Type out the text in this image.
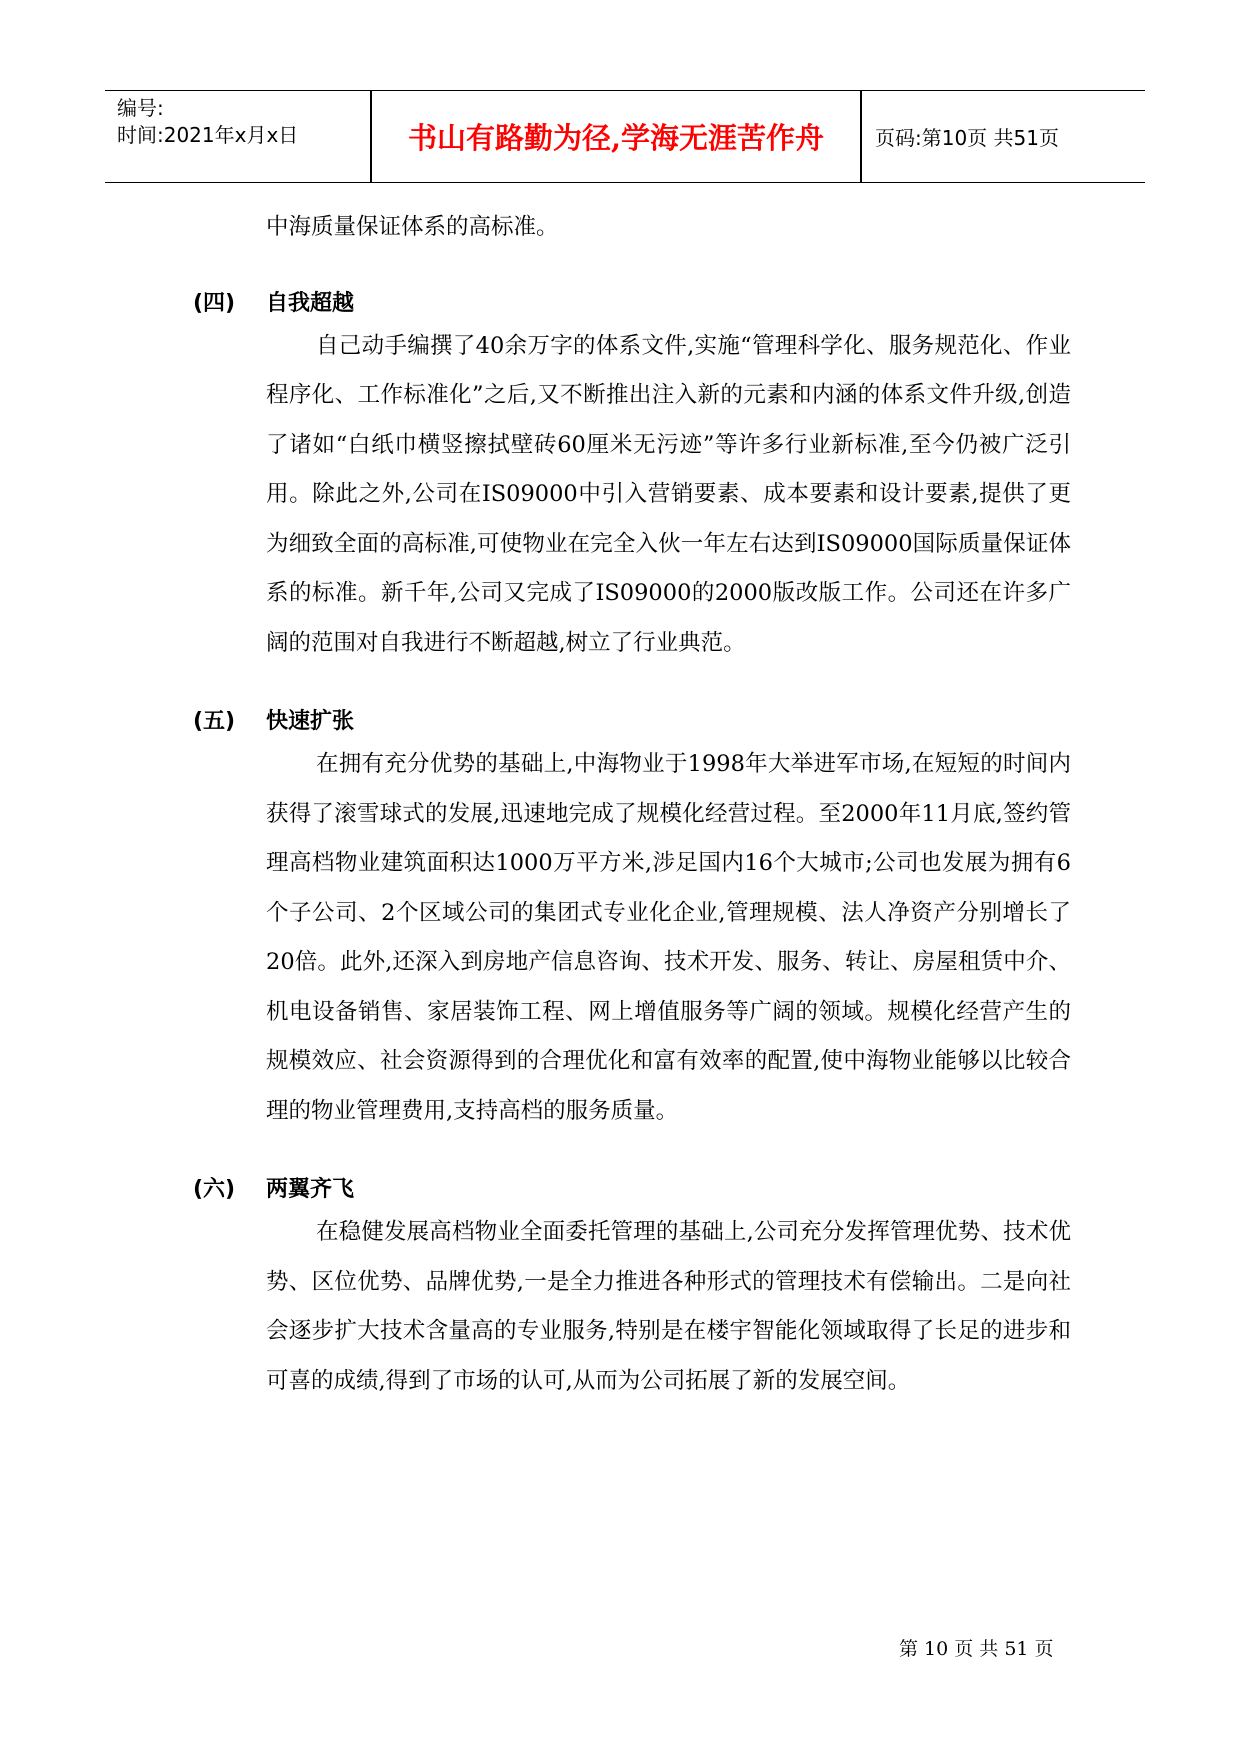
编号:
时间:2021年x月x日	书山有路勤为径,学海无涯苦作舟	页码:第10页 共51页

中海质量保证体系的高标准。

(四) 自我超越

自己动手编撰了40余万字的体系文件,实施“管理科学化、服务规范化、作业程序化、工作标准化”之后,又不断推出注入新的元素和内涵的体系文件升级,创造了诸如“白纸巾横竖擦拭壁砖60厘米无污迹”等许多行业新标准,至今仍被广泛引用。除此之外,公司在IS09000中引入营销要素、成本要素和设计要素,提供了更为细致全面的高标准,可使物业在完全入伙一年左右达到IS09000国际质量保证体系的标准。新千年,公司又完成了IS09000的2000版改版工作。公司还在许多广阔的范围对自我进行不断超越,树立了行业典范。

(五) 快速扩张

在拥有充分优势的基础上,中海物业于1998年大举进军市场,在短短的时间内获得了滚雪球式的发展,迅速地完成了规模化经营过程。至2000年11月底,签约管理高档物业建筑面积达1000万平方米,涉足国内16个大城市;公司也发展为拥有6个子公司、2个区域公司的集团式专业化企业,管理规模、法人净资产分别增长了20倍。此外,还深入到房地产信息咨询、技术开发、服务、转让、房屋租赁中介、机电设备销售、家居装饰工程、网上增值服务等广阔的领域。规模化经营产生的规模效应、社会资源得到的合理优化和富有效率的配置,使中海物业能够以比较合理的物业管理费用,支持高档的服务质量。

(六) 两翼齐飞

在稳健发展高档物业全面委托管理的基础上,公司充分发挥管理优势、技术优势、区位优势、品牌优势,一是全力推进各种形式的管理技术有偿输出。二是向社会逐步扩大技术含量高的专业服务,特别是在楼宇智能化领域取得了长足的进步和可喜的成绩,得到了市场的认可,从而为公司拓展了新的发展空间。

第 10 页 共 51 页
